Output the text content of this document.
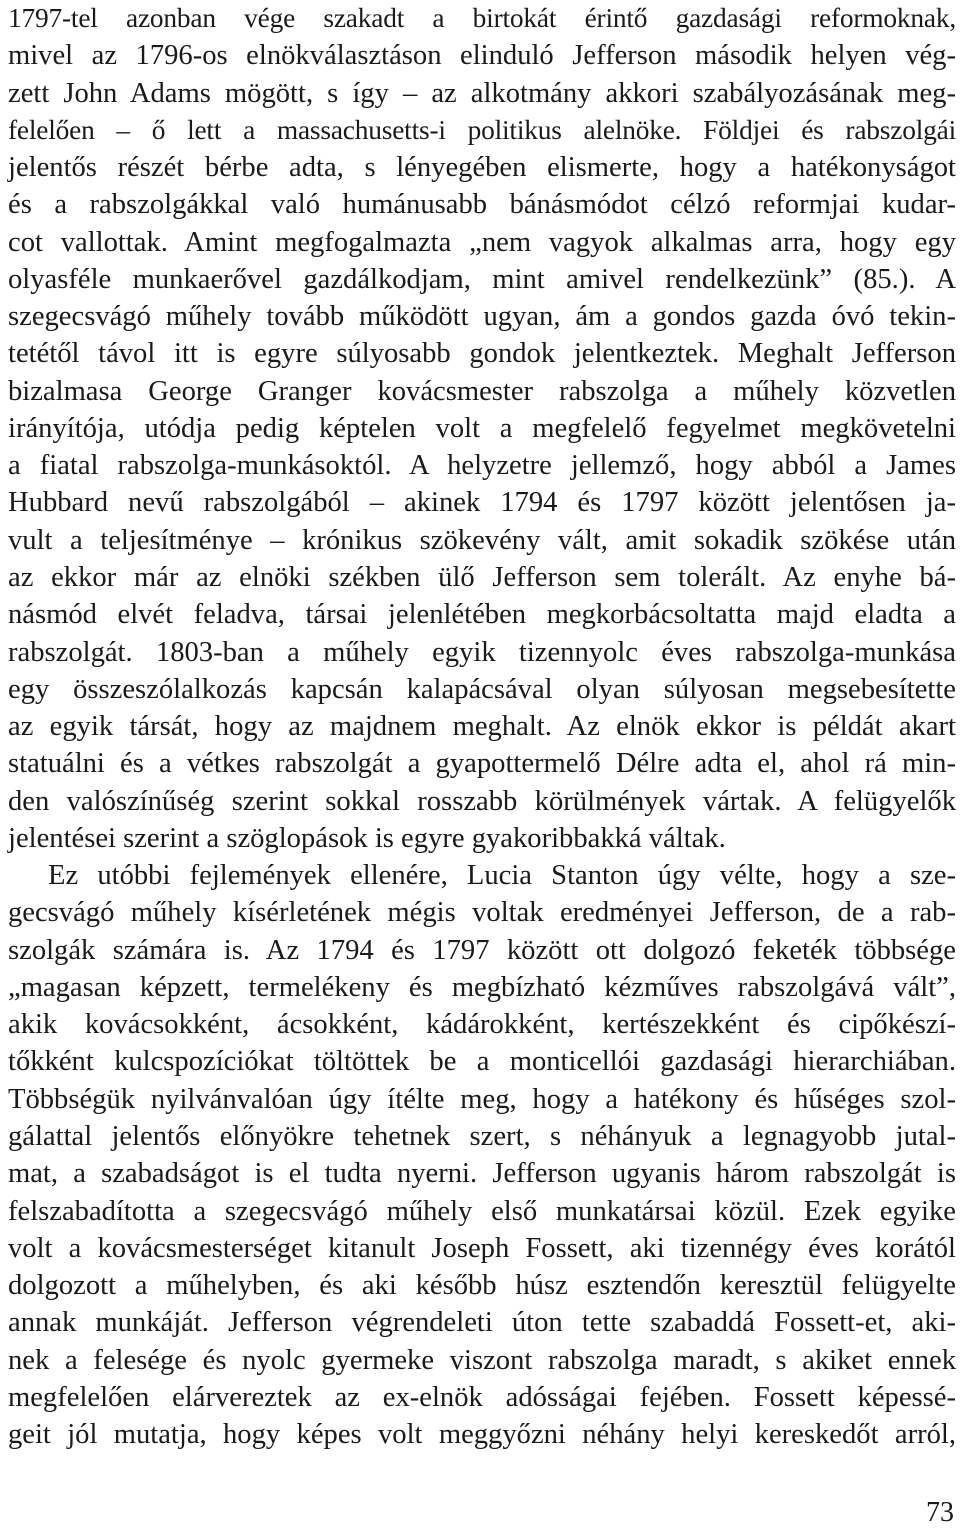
1797-tel azonban vége szakadt a birtokát érintő gazdasági reformoknak,
mivel az 1796-os elnökválasztáson elinduló Jefferson második helyen vég-
zett John Adams mögött, s így – az alkotmány akkori szabályozásának meg-
felelően – ő lett a massachusetts-i politikus alelnöke. Földjei és rabszolgái
jelentős részét bérbe adta, s lényegében elismerte, hogy a hatékonyságot
és a rabszolgákkal való humánusabb bánásmódot célzó reformjai kudar-
cot vallottak. Amint megfogalmazta „nem vagyok alkalmas arra, hogy egy
olyasféle munkaerővel gazdálkodjam, mint amivel rendelkezünk” (85.). A
szegecsvágó műhely tovább működött ugyan, ám a gondos gazda óvó tekin-
tetétől távol itt is egyre súlyosabb gondok jelentkeztek. Meghalt Jefferson
bizalmasa George Granger kovácsmester rabszolga a műhely közvetlen
irányítója, utódja pedig képtelen volt a megfelelő fegyelmet megkövetelni
a fiatal rabszolga-munkásoktól. A helyzetre jellemző, hogy abból a James
Hubbard nevű rabszolgából – akinek 1794 és 1797 között jelentősen ja-
vult a teljesítménye – krónikus szökevény vált, amit sokadik szökése után
az ekkor már az elnöki székben ülő Jefferson sem tolerált. Az enyhe bá-
násmód elvét feladva, társai jelenlétében megkorbácsoltatta majd eladta a
rabszolgát. 1803-ban a műhely egyik tizennyolc éves rabszolga-munkása
egy összeszólalkozás kapcsán kalapácsával olyan súlyosan megsebesítette
az egyik társát, hogy az majdnem meghalt. Az elnök ekkor is példát akart
statuálni és a vétkes rabszolgát a gyapottermelő Délre adta el, ahol rá min-
den valószínűség szerint sokkal rosszabb körülmények vártak. A felügyelők
jelentései szerint a szöglopások is egyre gyakoribbakká váltak.
Ez utóbbi fejlemények ellenére, Lucia Stanton úgy vélte, hogy a sze-
gecsvágó műhely kísérletének mégis voltak eredményei Jefferson, de a rab-
szolgák számára is. Az 1794 és 1797 között ott dolgozó feketék többsége
„magasan képzett, termelékeny és megbízható kézműves rabszolgává vált”,
akik kovácsokként, ácsokként, kádárokként, kertészekként és cipőkészí-
tőkként kulcspozíciókat töltöttek be a monticellói gazdasági hierarchiában.
Többségük nyilvánvalóan úgy ítélte meg, hogy a hatékony és hűséges szol-
gálattal jelentős előnyökre tehetnek szert, s néhányuk a legnagyobb jutal-
mat, a szabadságot is el tudta nyerni. Jefferson ugyanis három rabszolgát is
felszabadította a szegecsvágó műhely első munkatársai közül. Ezek egyike
volt a kovácsmesterséget kitanult Joseph Fossett, aki tizennégy éves korától
dolgozott a műhelyben, és aki később húsz esztendőn keresztül felügyelte
annak munkáját. Jefferson végrendeleti úton tette szabaddá Fossett-et, aki-
nek a felesége és nyolc gyermeke viszont rabszolga maradt, s akiket ennek
megfelelően elárvereztek az ex-elnök adósságai fejében. Fossett képessé-
geit jól mutatja, hogy képes volt meggyőzni néhány helyi kereskedőt arról,
73
